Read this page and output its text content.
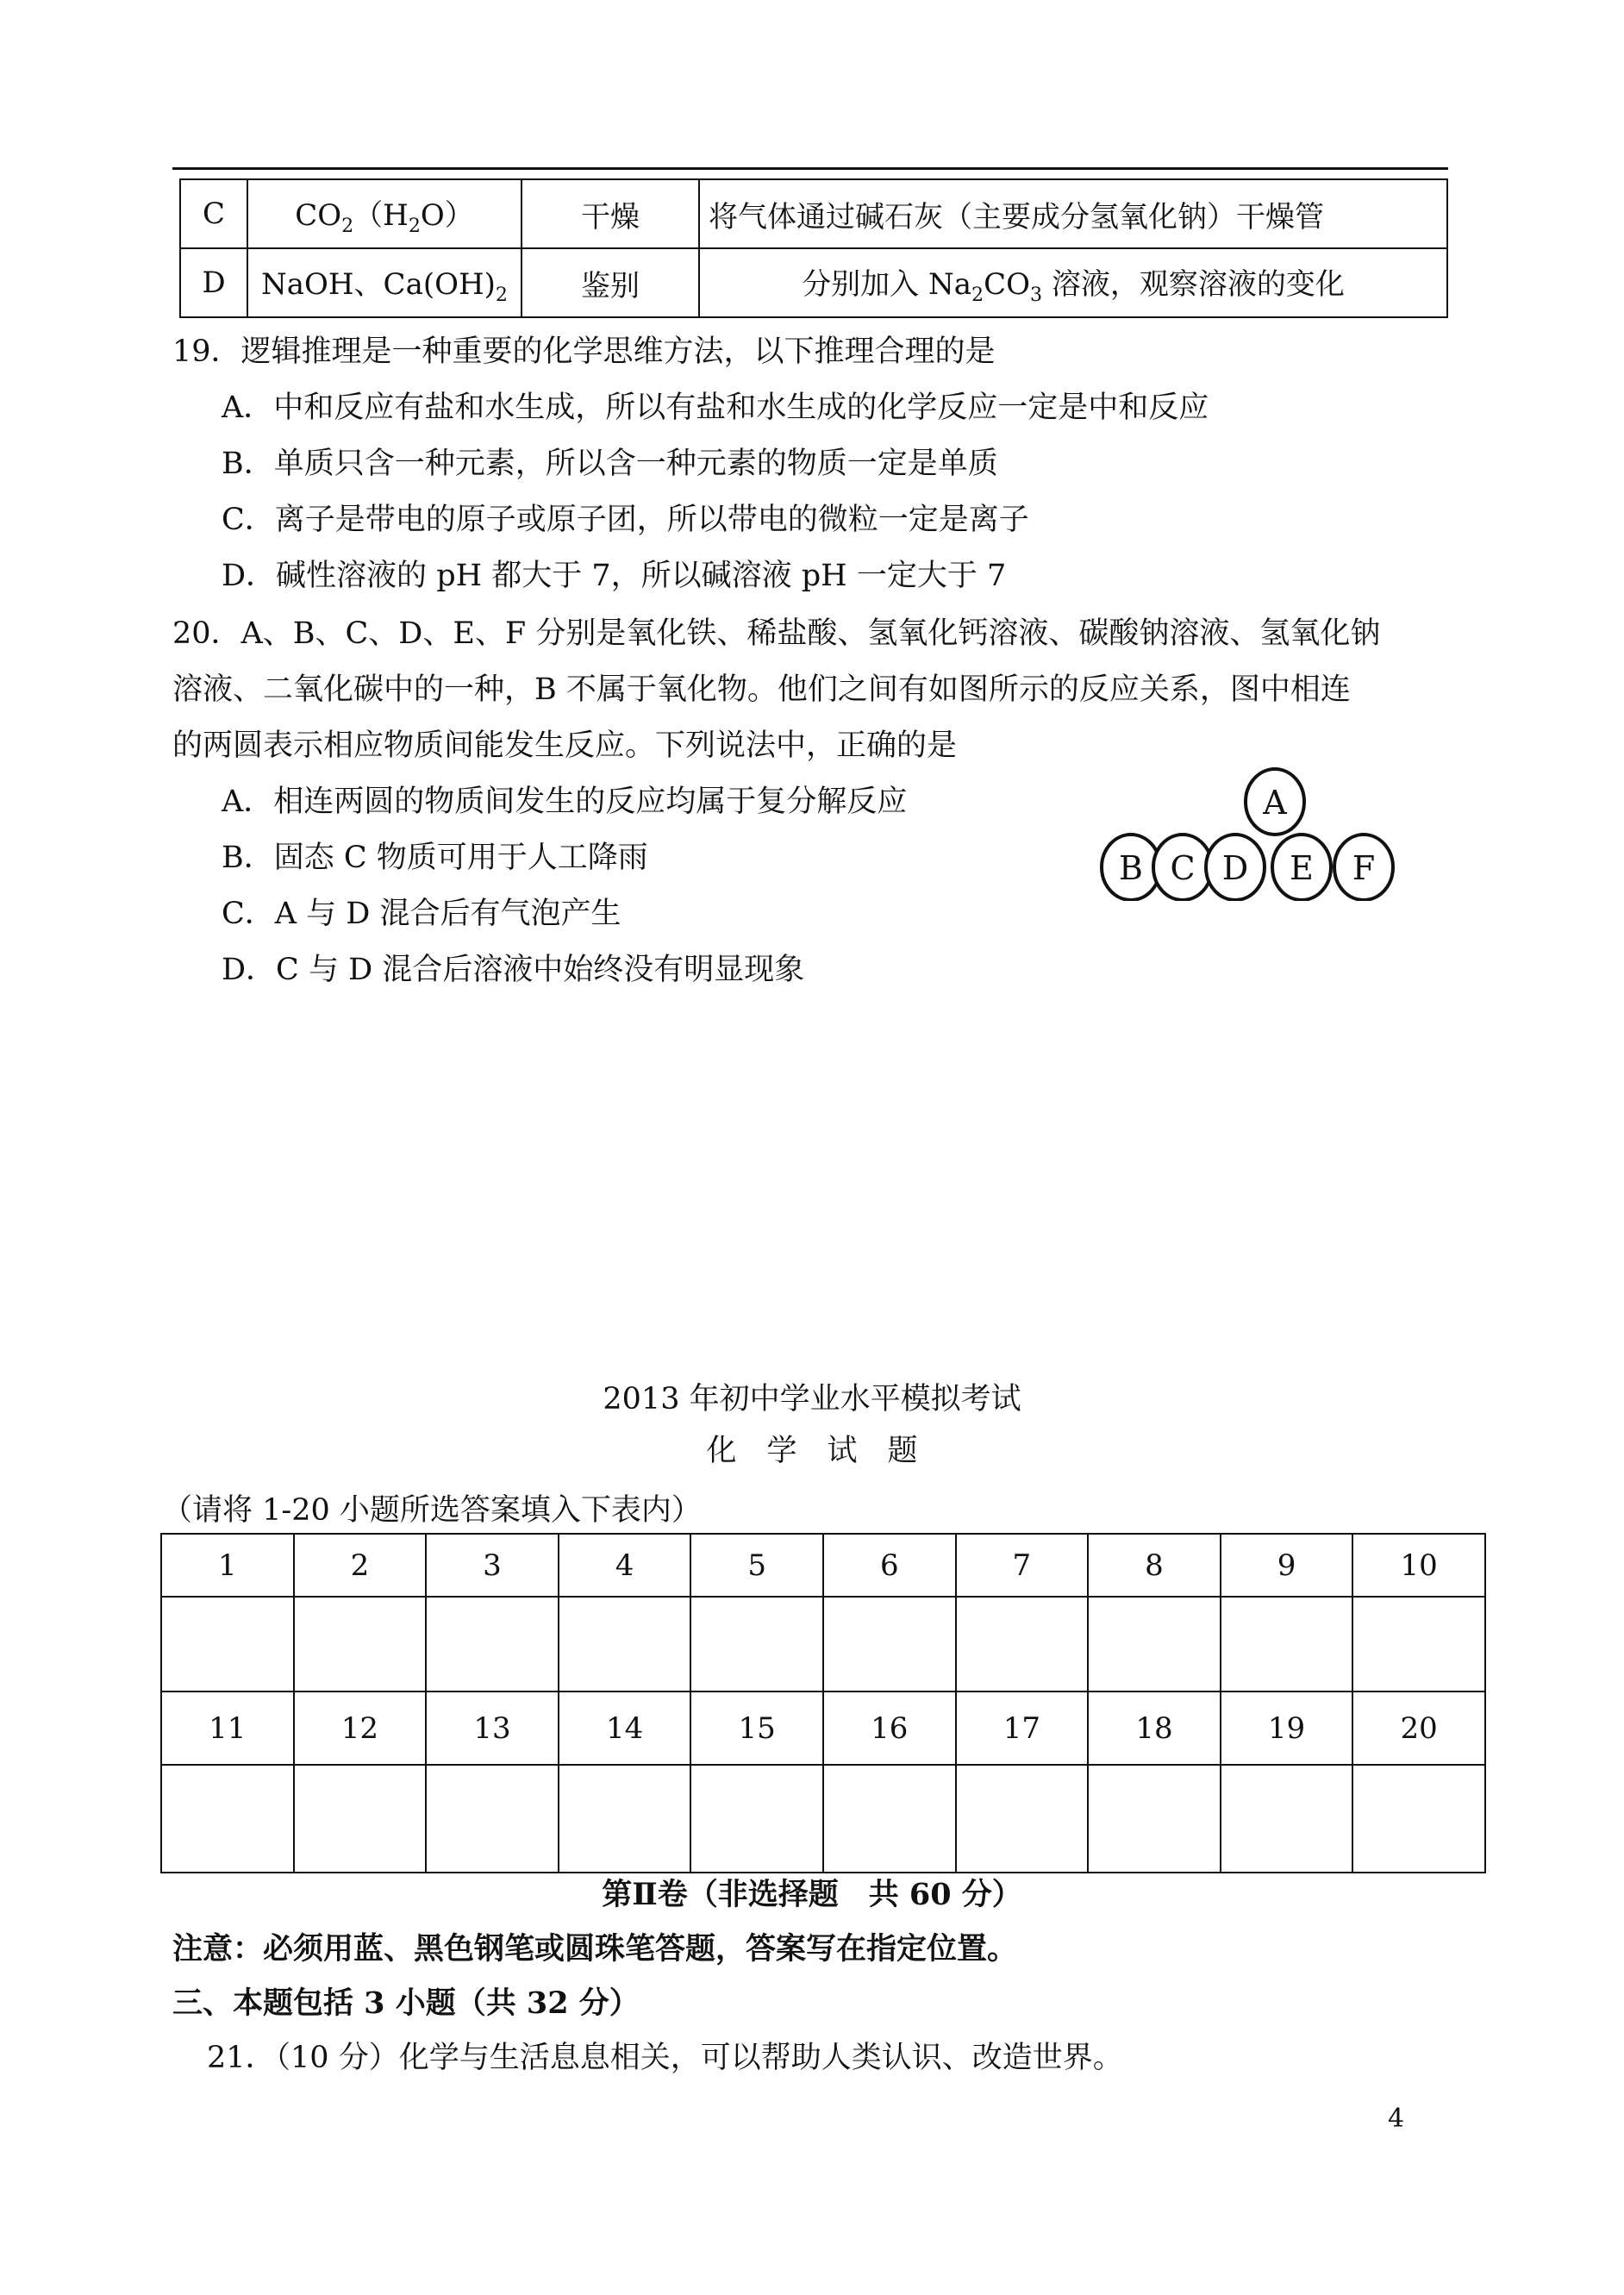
C	$CO_2(H_2O)$	干燥	将气体通过碱石灰（主要成分氢氧化钠）干燥管
D	NaOH、$Ca(OH)_2$	鉴别	分别加入 $Na_2CO_3$ 溶液，观察溶液的变化
19．逻辑推理是一种重要的化学思维方法，以下推理合理的是
A．中和反应有盐和水生成，所以有盐和水生成的化学反应一定是中和反应
B．单质只含一种元素，所以含一种元素的物质一定是单质
C．离子是带电的原子或原子团，所以带电的微粒一定是离子
D．碱性溶液的 pH 都大于 7，所以碱溶液 pH 一定大于 7
20．A、B、C、D、E、F 分别是氧化铁、稀盐酸、氢氧化钙溶液、碳酸钠溶液、氢氧化钠
溶液、二氧化碳中的一种，B 不属于氧化物。他们之间有如图所示的反应关系，图中相连
的两圆表示相应物质间能发生反应。下列说法中，正确的是
A．相连两圆的物质间发生的反应均属于复分解反应
B．固态 C 物质可用于人工降雨
C．A 与 D 混合后有气泡产生
D．C 与 D 混合后溶液中始终没有明显现象
A
B C D E F
2013 年初中学业水平模拟考试
化　学　试　题
（请将 1-20 小题所选答案填入下表内）
1	2	3	4	5	6	7	8	9	10

11	12	13	14	15	16	17	18	19	20

第Ⅱ卷（非选择题　共 60 分）
注意：必须用蓝、黑色钢笔或圆珠笔答题，答案写在指定位置。
三、本题包括 3 小题（共 32 分）
21．（10 分）化学与生活息息相关，可以帮助人类认识、改造世界。
4
